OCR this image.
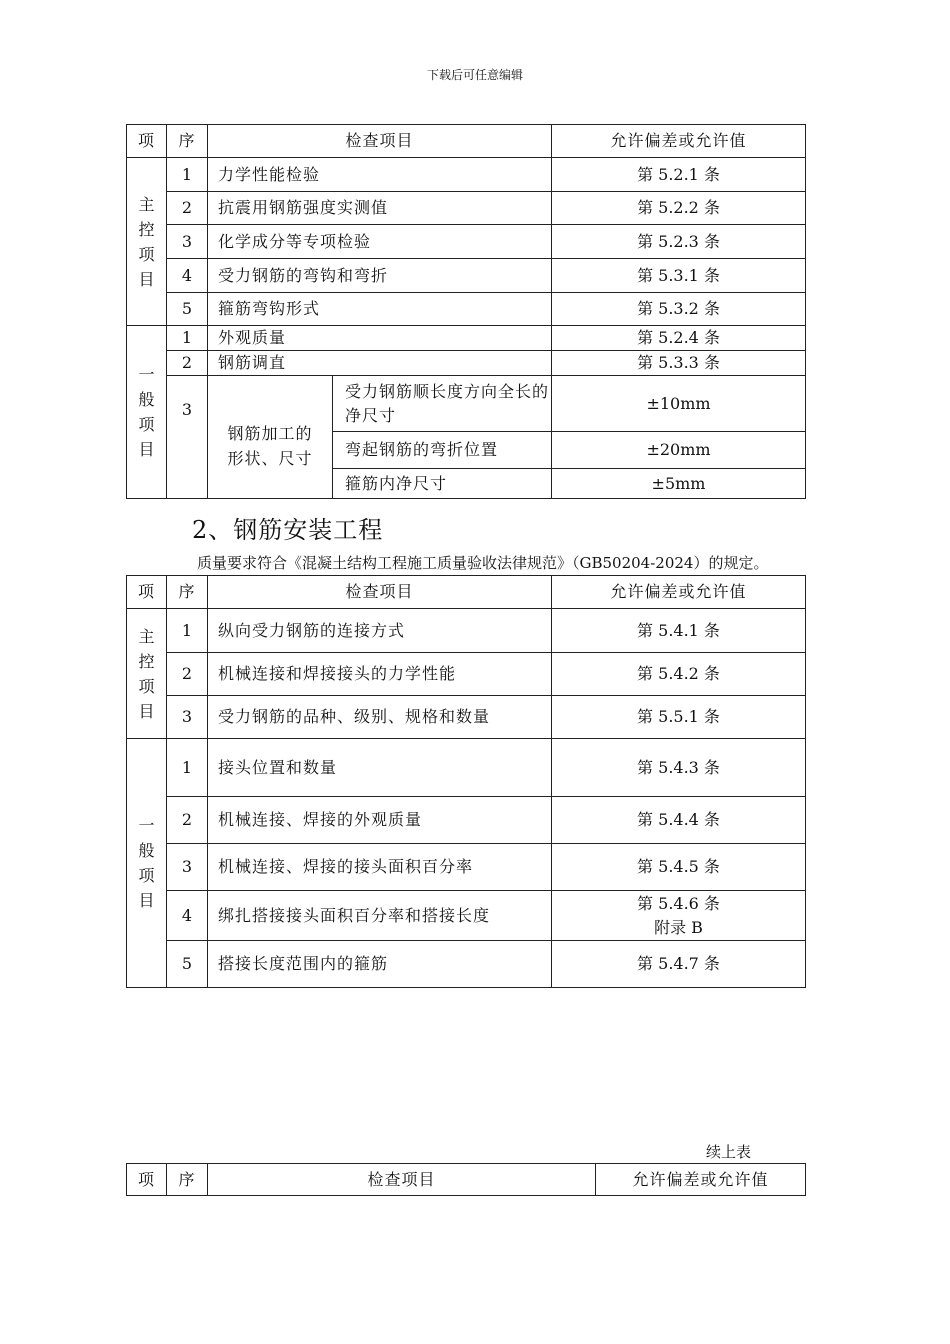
下载后可任意编辑
项	序	检查项目		允许偏差或允许值
主
控
项
目	1	力学性能检验		第 5.2.1 条
	2	抗震用钢筋强度实测值		第 5.2.2 条
	3	化学成分等专项检验		第 5.2.3 条
	4	受力钢筋的弯钩和弯折		第 5.3.1 条
	5	箍筋弯钩形式		第 5.3.2 条
一
般
项
目	1	外观质量		第 5.2.4 条
	2	钢筋调直		第 5.3.3 条
	3	钢筋加工的形状、尺寸	受力钢筋顺长度方向全长的净尺寸	±10mm
			弯起钢筋的弯折位置	±20mm
			箍筋内净尺寸	±5mm
2、钢筋安装工程
质量要求符合《混凝土结构工程施工质量验收法律规范》（GB50204-2024）的规定。
项	序	检查项目	允许偏差或允许值
主
控
项
目	1	纵向受力钢筋的连接方式	第 5.4.1 条
	2	机械连接和焊接接头的力学性能	第 5.4.2 条
	3	受力钢筋的品种、级别、规格和数量	第 5.5.1 条
一
般
项
目	1	接头位置和数量	第 5.4.3 条
	2	机械连接、焊接的外观质量	第 5.4.4 条
	3	机械连接、焊接的接头面积百分率	第 5.4.5 条
	4	绑扎搭接接头面积百分率和搭接长度	第 5.4.6 条
附录 B

	5	搭接长度范围内的箍筋	第 5.4.7 条
续上表
项	序	检查项目	允许偏差或允许值
